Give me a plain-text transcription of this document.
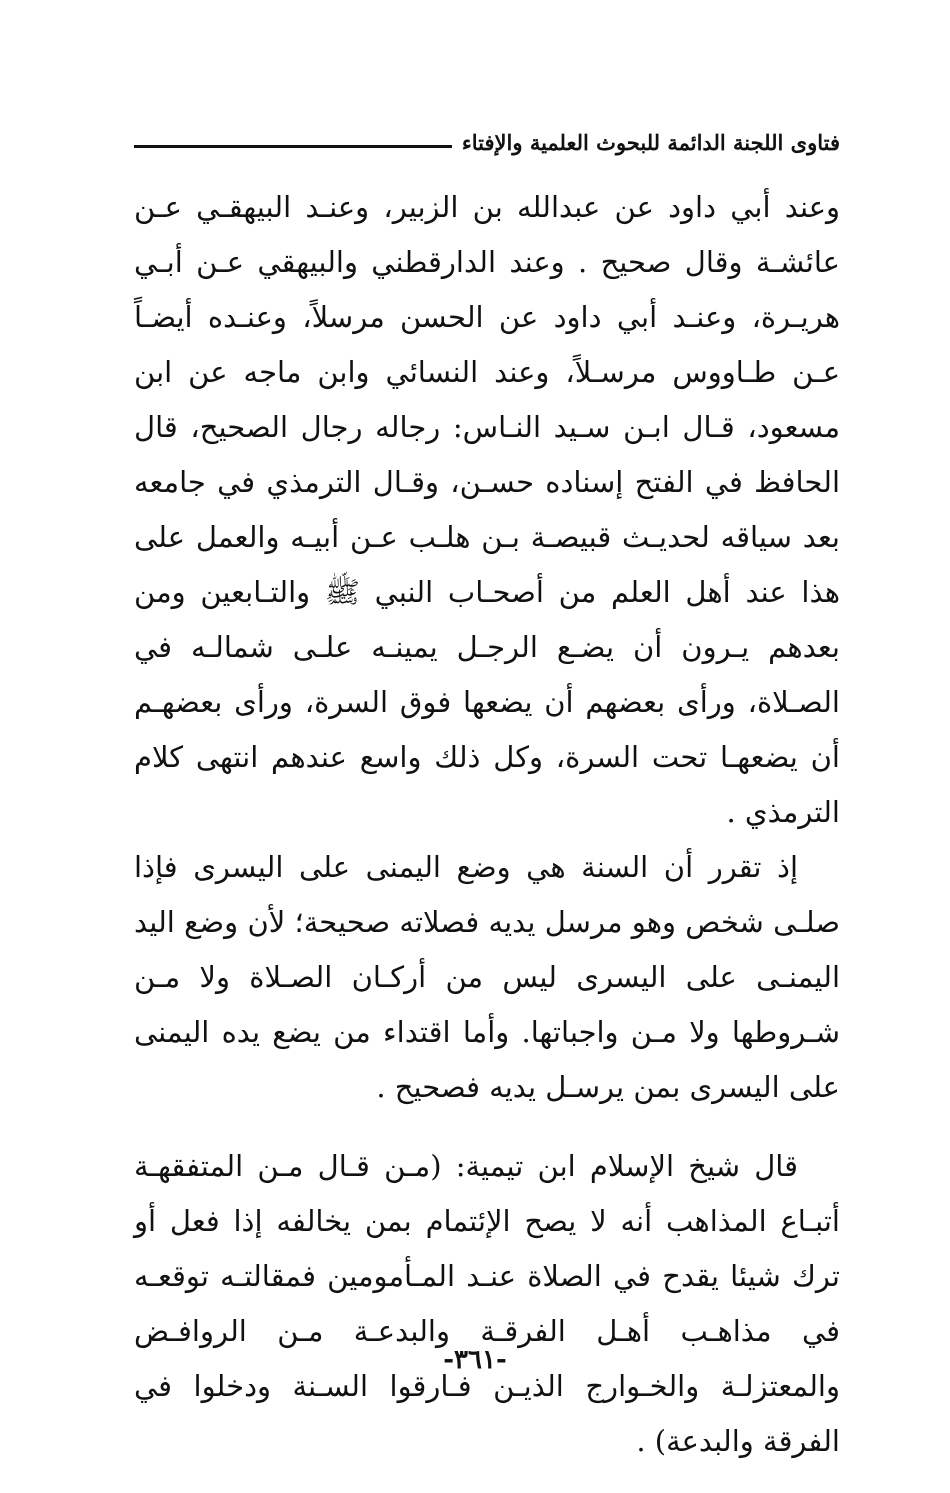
فتاوى اللجنة الدائمة للبحوث العلمية والإفتاء

وعند أبي داود عن عبدالله بن الزبير، وعنـد البيهقـي عـن عائشـة وقال صحيح . وعند الدارقطني والبيهقي عـن أبـي هريـرة، وعنـد أبي داود عن الحسن مرسلاً، وعنـده أيضـاً عـن طـاووس مرسـلاً، وعند النسائي وابن ماجه عن ابن مسعود، قـال ابـن سـيد النـاس: رجاله رجال الصحيح، قال الحافظ في الفتح إسناده حسـن، وقـال الترمذي في جامعه بعد سياقه لحديـث قبيصـة بـن هلـب عـن أبيـه والعمل على هذا عند أهل العلم من أصحـاب النبي ﷺ والتـابعين ومن بعدهم يـرون أن يضـع الرجـل يمينـه علـى شمالـه في الصـلاة، ورأى بعضهم أن يضعها فوق السرة، ورأى بعضهـم أن يضعهـا تحت السرة، وكل ذلك واسع عندهم انتهى كلام الترمذي .

إذ تقرر أن السنة هي وضع اليمنى على اليسرى فإذا صلـى شخص وهو مرسل يديه فصلاته صحيحة؛ لأن وضع اليد اليمنـى على اليسرى ليس من أركـان الصـلاة ولا مـن شـروطها ولا مـن واجباتها. وأما اقتداء من يضع يده اليمنى على اليسرى بمن يرسـل يديه فصحيح .

قال شيخ الإسلام ابن تيمية: (مـن قـال مـن المتفقهـة أتبـاع المذاهب أنه لا يصح الإئتمام بمن يخالفه إذا فعل أو ترك شيئا يقدح في الصلاة عنـد المـأمومين فمقالتـه توقعـه في مذاهـب أهـل الفرقـة والبدعـة مـن الروافـض والمعتزلـة والخـوارج الذيـن فـارقوا السـنة ودخلوا في الفرقة والبدعة) .

-٣٦١-
